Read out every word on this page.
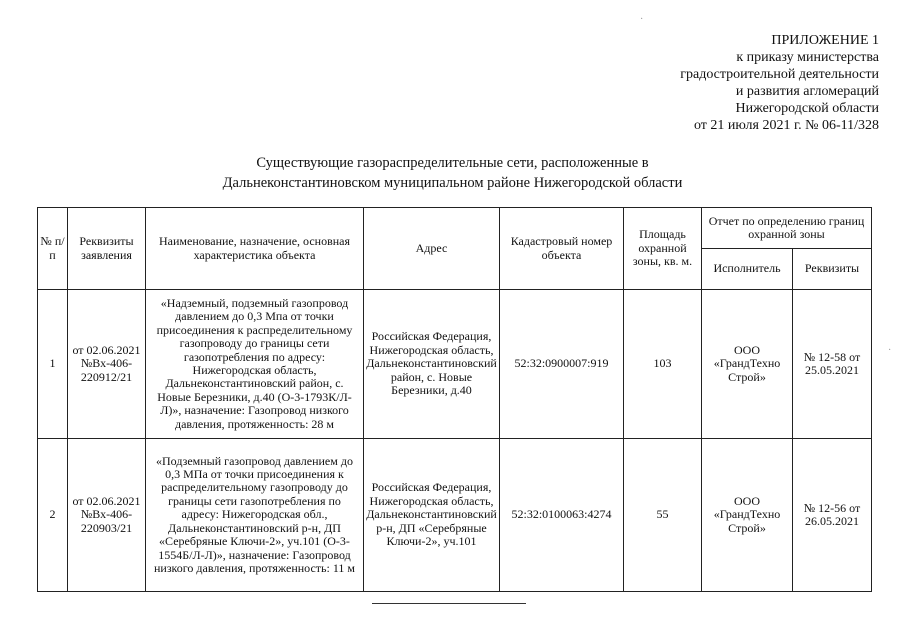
ПРИЛОЖЕНИЕ 1
к приказу министерства
градостроительной деятельности
и развития агломераций
Нижегородской области
от 21 июля 2021 г. № 06-11/328
Существующие газораспределительные сети, расположенные в
Дальнеконстантиновском муниципальном районе Нижегородской области
№ п/п	Реквизиты заявления	Наименование, назначение, основная характеристика объекта	Адрес	Кадастровый номер объекта	Площадь охранной зоны, кв. м.	Отчет по определению границ охранной зоны	
						Исполнитель	Реквизиты
1	от 02.06.2021 №Вх-406-220912/21	«Надземный, подземный газопровод давлением до 0,3 Мпа от точки присоединения к распределительному газопроводу до границы сети газопотребления по адресу: Нижегородская область, Дальнеконстантиновский район, с. Новые Березники, д.40 (О-3-1793К/Л-Л)», назначение: Газопровод низкого давления, протяженность: 28 м	Российская Федерация, Нижегородская область, Дальнеконстантиновский район, с. Новые Березники, д.40	52:32:0900007:919	103	ООО «ГрандТехно Строй»	№ 12-58 от 25.05.2021
2	от 02.06.2021 №Вх-406-220903/21	«Подземный газопровод давлением до 0,3 МПа от точки присоединения к распределительному газопроводу до границы сети газопотребления по адресу: Нижегородская обл., Дальнеконстантиновский р-н, ДП «Серебряные Ключи-2», уч.101 (О-3-1554Б/Л-Л)», назначение: Газопровод низкого давления, протяженность: 11 м	Российская Федерация, Нижегородская область, Дальнеконстантиновский р-н, ДП «Серебряные Ключи-2», уч.101	52:32:0100063:4274	55	ООО «ГрандТехно Строй»	№ 12-56 от 26.05.2021
·
·
